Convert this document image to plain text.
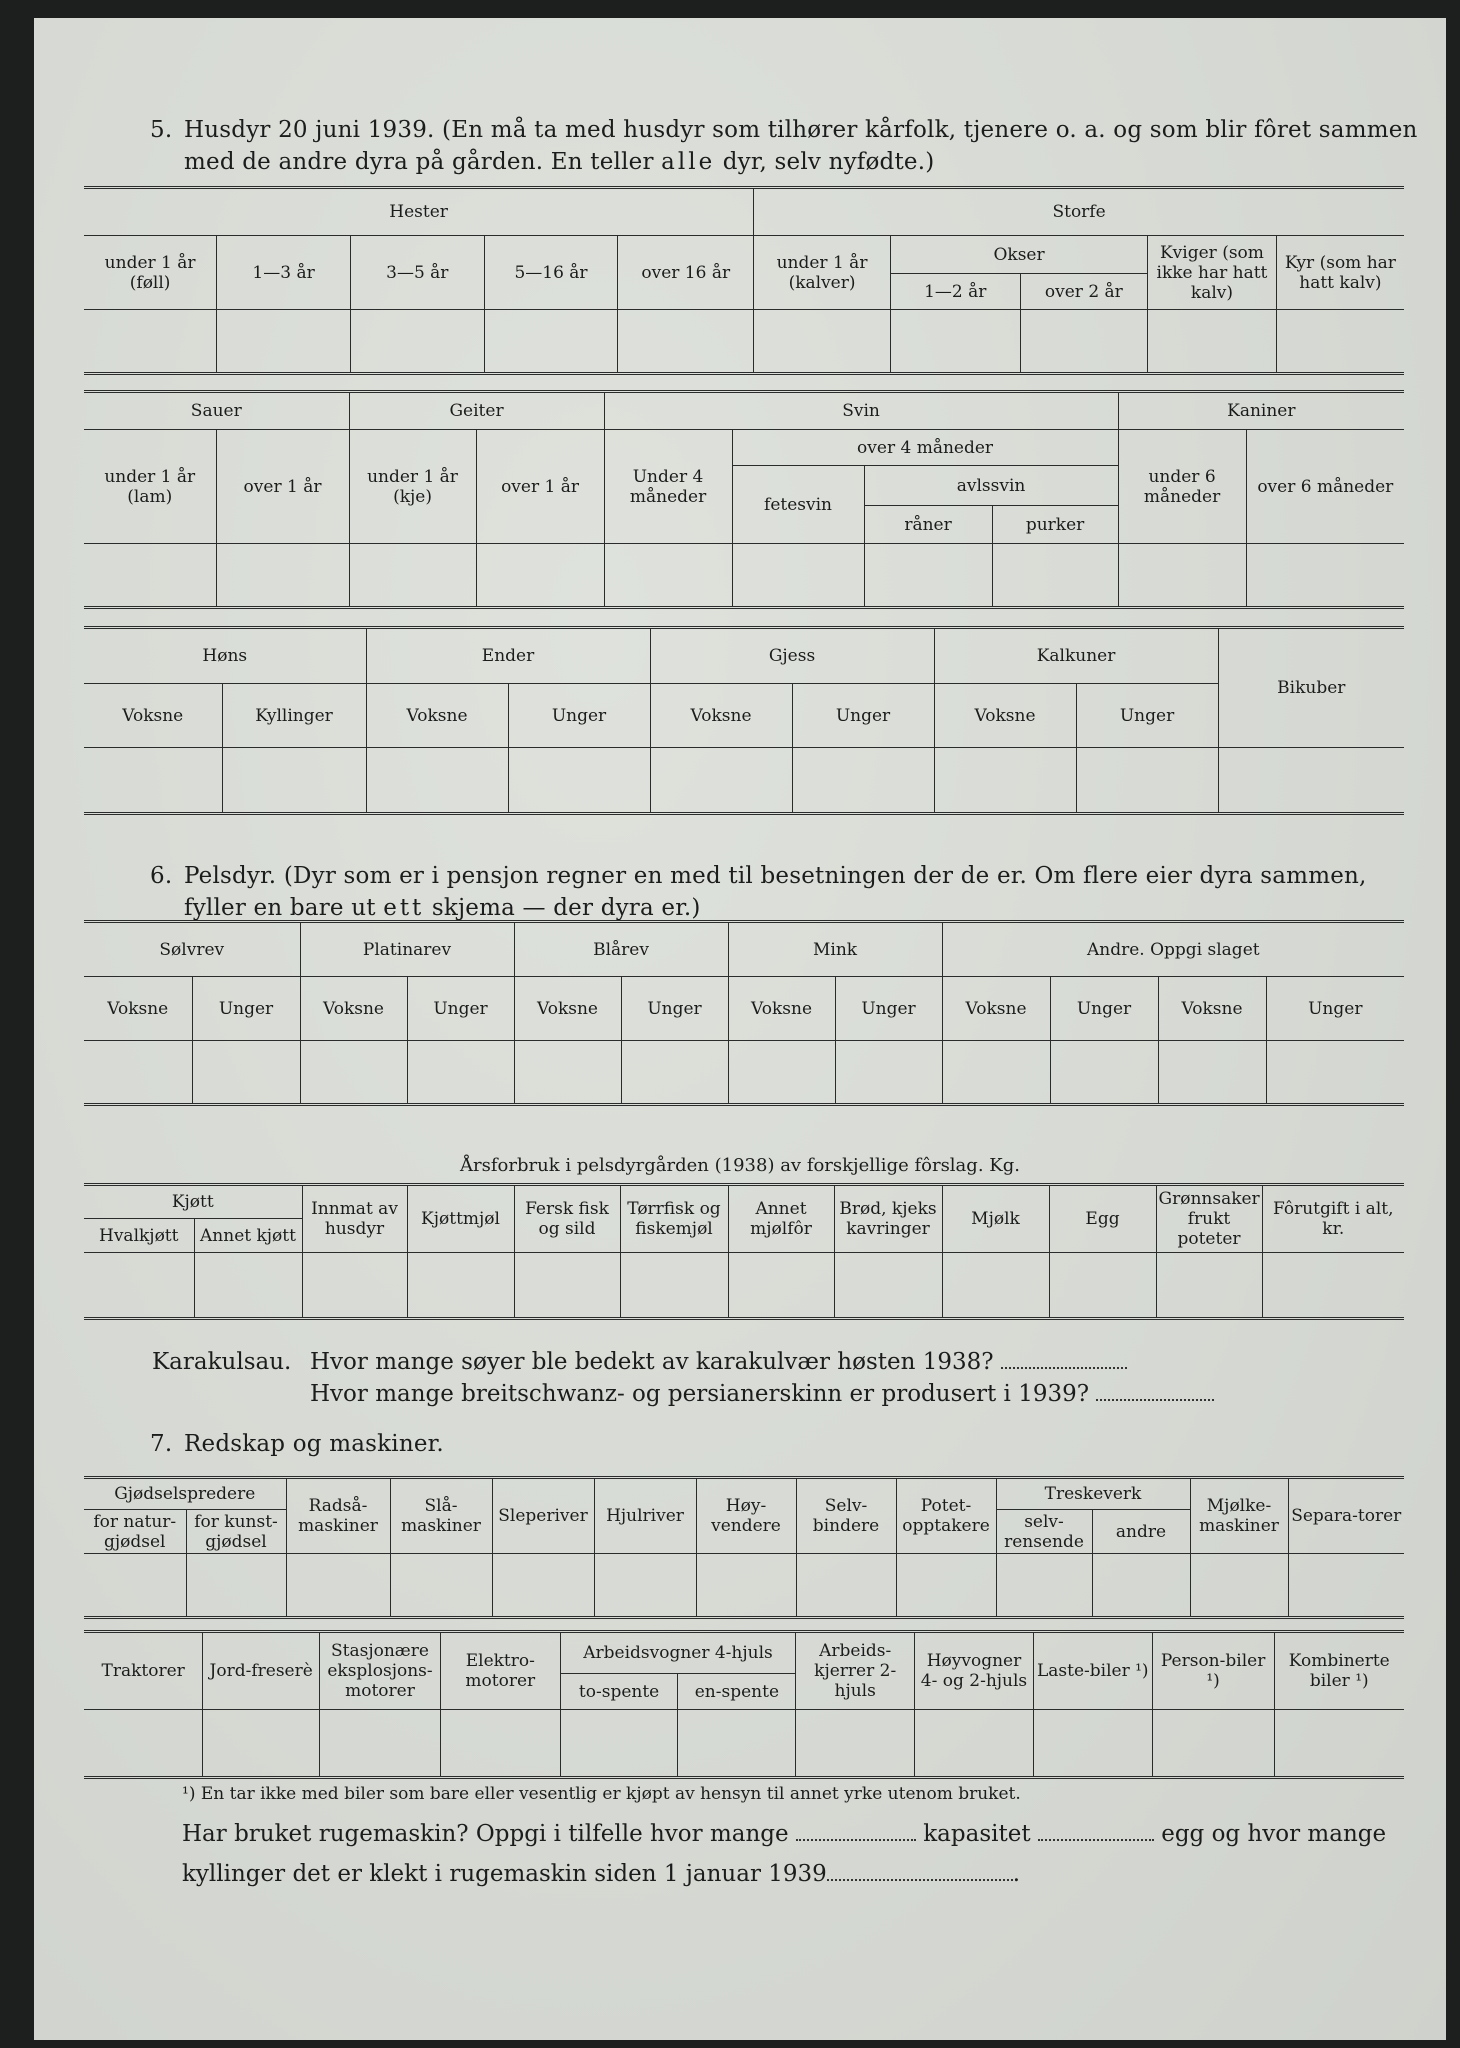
5. Husdyr 20 juni 1939. (En må ta med husdyr som tilhører kårfolk, tjenere o. a. og som blir fôret sammen
med de andre dyra på gården. En teller alle dyr, selv nyfødte.)
Hester					Storfe				
under 1 år (føll)	1—3 år	3—5 år	5—16 år	over 16 år	under 1 år (kalver)	Okser		Kviger (som ikke har hatt kalv)	Kyr (som har hatt kalv)
						1—2 år	over 2 år		

Sauer		Geiter		Svin				Kaniner	
under 1 år (lam)	over 1 år	under 1 år (kje)	over 1 år	Under 4 måneder	over 4 måneder			under 6 måneder	over 6 måneder
					fetesvin	avlssvin			
						råner	purker		

Høns		Ender		Gjess		Kalkuner		Bikuber
Voksne	Kyllinger	Voksne	Unger	Voksne	Unger	Voksne	Unger	

6. Pelsdyr. (Dyr som er i pensjon regner en med til besetningen der de er. Om flere eier dyra sammen,
fyller en bare ut ett skjema — der dyra er.)
Sølvrev		Platinarev		Blårev		Mink		Andre. Oppgi slaget			
Voksne	Unger	Voksne	Unger	Voksne	Unger	Voksne	Unger	Voksne	Unger	Voksne	Unger

Årsforbruk i pelsdyrgården (1938) av forskjellige fôrslag. Kg.
Kjøtt		Innmat av husdyr	Kjøttmjøl	Fersk fisk og sild	Tørrfisk og fiskemjøl	Annet mjølfôr	Brød, kjeks kavringer	Mjølk	Egg	Grønnsaker frukt poteter	Fôrutgift i alt, kr.
Hvalkjøtt	Annet kjøtt										

Karakulsau. Hvor mange søyer ble bedekt av karakulvær høsten 1938?
Hvor mange breitschwanz- og persianerskinn er produsert i 1939?
7. Redskap og maskiner.
Gjødselspredere		Radså-maskiner	Slå-maskiner	Sleperiver	Hjulriver	Høy-vendere	Selv-bindere	Potet-opptakere	Treskeverk		Mjølke-maskiner	Separa-torer
for natur-gjødsel	for kunst-gjødsel								selv-rensende	andre		

Traktorer	Jord-freserè	Stasjonære eksplosjons-motorer	Elektro-motorer	Arbeidsvogner 4-hjuls		Arbeids-kjerrer 2-hjuls	Høyvogner 4- og 2-hjuls	Laste-biler ¹)	Person-biler ¹)	Kombinerte biler ¹)
				to-spente	en-spente					

¹) En tar ikke med biler som bare eller vesentlig er kjøpt av hensyn til annet yrke utenom bruket.
Har bruket rugemaskin? Oppgi i tilfelle hvor mange	kapasitet	egg og hvor mange
kyllinger det er klekt i rugemaskin siden 1 januar 1939	.
